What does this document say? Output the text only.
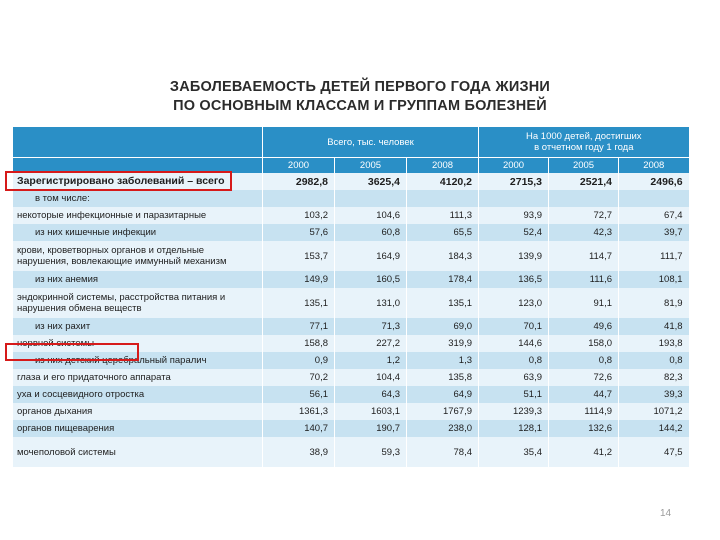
ЗАБОЛЕВАЕМОСТЬ ДЕТЕЙ ПЕРВОГО ГОДА ЖИЗНИ
ПО ОСНОВНЫМ КЛАССАМ И ГРУППАМ БОЛЕЗНЕЙ
	Всего, тыс. человек			На 1000 детей, достигших
в отчетном году 1 года		

	2000	2005	2008	2000	2005	2008
Зарегистрировано заболеваний – всего	2982,8	3625,4	4120,2	2715,3	2521,4	2496,6
в том числе:						
некоторые инфекционные и паразитарные	103,2	104,6	111,3	93,9	72,7	67,4
из них кишечные инфекции	57,6	60,8	65,5	52,4	42,3	39,7
крови, кроветворных органов и отдельные нарушения, вовлекающие иммунный механизм	153,7	164,9	184,3	139,9	114,7	111,7
из них анемия	149,9	160,5	178,4	136,5	111,6	108,1
эндокринной системы, расстройства питания и нарушения обмена веществ	135,1	131,0	135,1	123,0	91,1	81,9
из них рахит	77,1	71,3	69,0	70,1	49,6	41,8
нервной системы	158,8	227,2	319,9	144,6	158,0	193,8
из них детский церебральный паралич	0,9	1,2	1,3	0,8	0,8	0,8
глаза и его придаточного аппарата	70,2	104,4	135,8	63,9	72,6	82,3
уха и сосцевидного отростка	56,1	64,3	64,9	51,1	44,7	39,3
органов дыхания	1361,3	1603,1	1767,9	1239,3	1114,9	1071,2
органов пищеварения	140,7	190,7	238,0	128,1	132,6	144,2
мочеполовой системы	38,9	59,3	78,4	35,4	41,2	47,5
14
